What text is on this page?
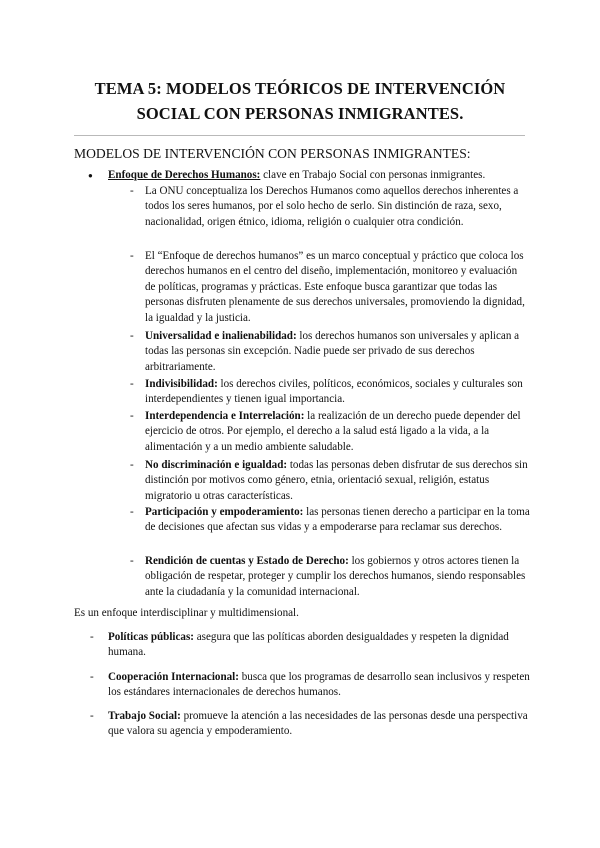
TEMA 5: MODELOS TEÓRICOS DE INTERVENCIÓN
SOCIAL CON PERSONAS INMIGRANTES.
MODELOS DE INTERVENCIÓN CON PERSONAS INMIGRANTES:
● Enfoque de Derechos Humanos: clave en Trabajo Social con personas inmigrantes.
- La ONU conceptualiza los Derechos Humanos como aquellos derechos inherentes a todos los seres humanos, por el solo hecho de serlo. Sin distinción de raza, sexo, nacionalidad, origen étnico, idioma, religión o cualquier otra condición.
- El “Enfoque de derechos humanos” es un marco conceptual y práctico que coloca los derechos humanos en el centro del diseño, implementación, monitoreo y evaluación de políticas, programas y prácticas. Este enfoque busca garantizar que todas las personas disfruten plenamente de sus derechos universales, promoviendo la dignidad, la igualdad y la justicia.
- Universalidad e inalienabilidad: los derechos humanos son universales y aplican a todas las personas sin excepción. Nadie puede ser privado de sus derechos arbitrariamente.
- Indivisibilidad: los derechos civiles, políticos, económicos, sociales y culturales son interdependientes y tienen igual importancia.
- Interdependencia e Interrelación: la realización de un derecho puede depender del ejercicio de otros. Por ejemplo, el derecho a la salud está ligado a la vida, a la alimentación y a un medio ambiente saludable.
- No discriminación e igualdad: todas las personas deben disfrutar de sus derechos sin distinción por motivos como género, etnia, orientació sexual, religión, estatus migratorio u otras características.
- Participación y empoderamiento: las personas tienen derecho a participar en la toma de decisiones que afectan sus vidas y a empoderarse para reclamar sus derechos.
- Rendición de cuentas y Estado de Derecho: los gobiernos y otros actores tienen la obligación de respetar, proteger y cumplir los derechos humanos, siendo responsables ante la ciudadanía y la comunidad internacional.
Es un enfoque interdisciplinar y multidimensional.
- Políticas públicas: asegura que las políticas aborden desigualdades y respeten la dignidad humana.
- Cooperación Internacional: busca que los programas de desarrollo sean inclusivos y respeten los estándares internacionales de derechos humanos.
- Trabajo Social: promueve la atención a las necesidades de las personas desde una perspectiva que valora su agencia y empoderamiento.
